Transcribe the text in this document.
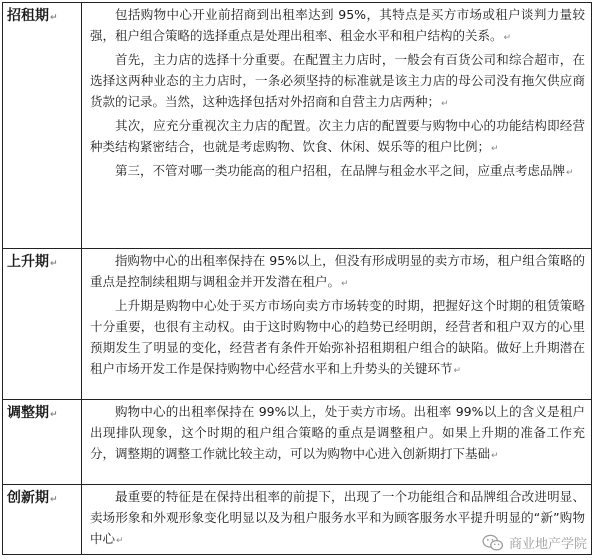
招租期↵	包括购物中心开业前招商到出租率达到 95%，其特点是买方市场或租户谈判力量较强，租户组合策略的选择重点是处理出租率、租金水平和租户结构的关系。↵

首先，主力店的选择十分重要。在配置主力店时，一般会有百货公司和综合超市，在选择这两种业态的主力店时，一条必须坚持的标准就是该主力店的母公司没有拖欠供应商货款的记录。当然，这种选择包括对外招商和自营主力店两种；↵

其次，应充分重视次主力店的配置。次主力店的配置要与购物中心的功能结构即经营种类结构紧密结合，也就是考虑购物、饮食、休闲、娱乐等的租户比例；↵

第三，不管对哪一类功能高的租户招租，在品牌与租金水平之间，应重点考虑品牌↵

上升期↵	指购物中心的出租率保持在 95%以上，但没有形成明显的卖方市场，租户组合策略的重点是控制续租期与调租金并开发潜在租户。↵

上升期是购物中心处于买方市场向卖方市场转变的时期，把握好这个时期的租赁策略十分重要，也很有主动权。由于这时购物中心的趋势已经明朗，经营者和租户双方的心里预期发生了明显的变化，经营者有条件开始弥补招租期租户组合的缺陷。做好上升期潜在租户市场开发工作是保持购物中心经营水平和上升势头的关键环节↵

调整期↵	购物中心的出租率保持在 99%以上，处于卖方市场。出租率 99%以上的含义是租户出现排队现象，这个时期的租户组合策略的重点是调整租户。如果上升期的准备工作充分，调整期的调整工作就比较主动，可以为购物中心进入创新期打下基础↵

创新期↵	最重要的特征是在保持出租率的前提下，出现了一个功能组合和品牌组合改进明显、卖场形象和外观形象变化明显以及为租户服务水平和为顾客服务水平提升明显的“新”购物中心↵	商业地产学院
